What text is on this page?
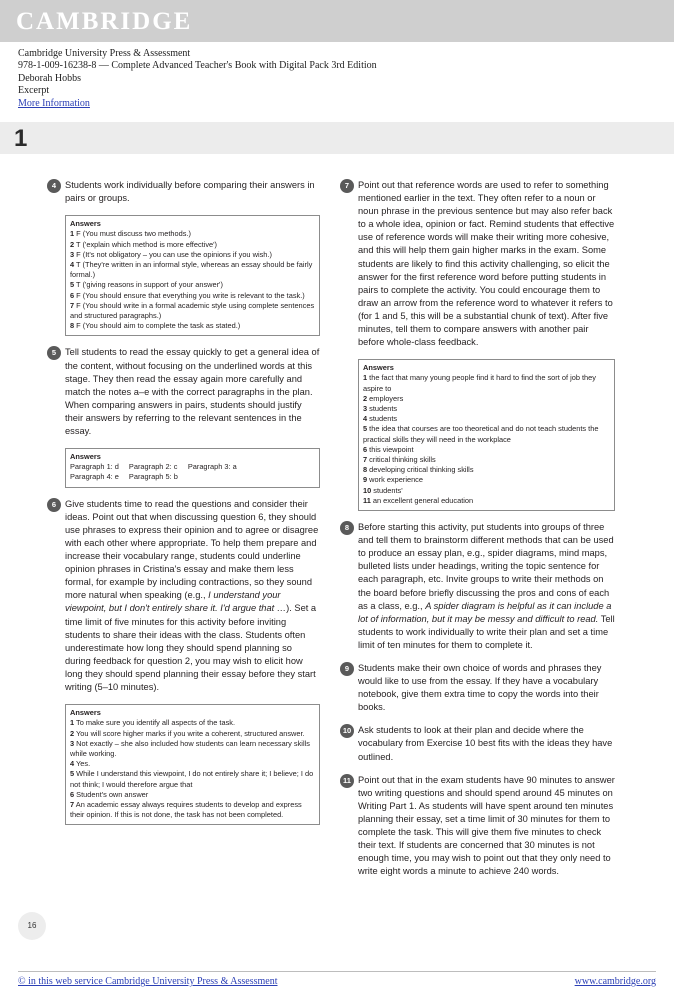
CAMBRIDGE
Cambridge University Press & Assessment
978-1-009-16238-8 — Complete Advanced Teacher's Book with Digital Pack 3rd Edition
Deborah Hobbs
Excerpt
More Information
1
4 Students work individually before comparing their answers in pairs or groups.

Answers
1 F (You must discuss two methods.)
2 T ('explain which method is more effective')
3 F (It's not obligatory – you can use the opinions if you wish.)
4 T (They're written in an informal style, whereas an essay should be fairly formal.)
5 T ('giving reasons in support of your answer')
6 F (You should ensure that everything you write is relevant to the task.)
7 F (You should write in a formal academic style using complete sentences and structured paragraphs.)
8 F (You should aim to complete the task as stated.)
5 Tell students to read the essay quickly to get a general idea of the content, without focusing on the underlined words at this stage. They then read the essay again more carefully and match the notes a–e with the correct paragraphs in the plan. When comparing answers in pairs, students should justify their answers by referring to the relevant sentences in the essay.

Answers
Paragraph 1: d Paragraph 2: c Paragraph 3: a
Paragraph 4: e Paragraph 5: b
6 Give students time to read the questions and consider their ideas. Point out that when discussing question 6, they should use phrases to express their opinion and to agree or disagree with each other where appropriate. To help them prepare and increase their vocabulary range, students could underline opinion phrases in Cristina's essay and make them less formal, for example by including contractions, so they sound more natural when speaking (e.g., I understand your viewpoint, but I don't entirely share it. I'd argue that …). Set a time limit of five minutes for this activity before inviting students to share their ideas with the class. Students often underestimate how long they should spend planning so during feedback for question 2, you may wish to elicit how long they should spend planning their essay before they start writing (5–10 minutes).

Answers
1 To make sure you identify all aspects of the task.
2 You will score higher marks if you write a coherent, structured answer.
3 Not exactly – she also included how students can learn necessary skills while working.
4 Yes.
5 While I understand this viewpoint, I do not entirely share it; I believe; I do not think; I would therefore argue that
6 Student's own answer
7 An academic essay always requires students to develop and express their opinion. If this is not done, the task has not been completed.
7 Point out that reference words are used to refer to something mentioned earlier in the text. They often refer to a noun or noun phrase in the previous sentence but may also refer back to a whole idea, opinion or fact. Remind students that effective use of reference words will make their writing more cohesive, and this will help them gain higher marks in the exam. Some students are likely to find this activity challenging, so elicit the answer for the first reference word before putting students in pairs to complete the activity. You could encourage them to draw an arrow from the reference word to whatever it refers to (for 1 and 5, this will be a substantial chunk of text). After five minutes, tell them to compare answers with another pair before whole-class feedback.

Answers
1 the fact that many young people find it hard to find the sort of job they aspire to
2 employers
3 students
4 students
5 the idea that courses are too theoretical and do not teach students the practical skills they will need in the workplace
6 this viewpoint
7 critical thinking skills
8 developing critical thinking skills
9 work experience
10 students'
11 an excellent general education
8 Before starting this activity, put students into groups of three and tell them to brainstorm different methods that can be used to produce an essay plan, e.g., spider diagrams, mind maps, bulleted lists under headings, writing the topic sentence for each paragraph, etc. Invite groups to write their methods on the board before briefly discussing the pros and cons of each as a class, e.g., A spider diagram is helpful as it can include a lot of information, but it may be messy and difficult to read. Tell students to work individually to write their plan and set a time limit of ten minutes for them to complete it.

9 Students make their own choice of words and phrases they would like to use from the essay. If they have a vocabulary notebook, give them extra time to copy the words into their books.

10 Ask students to look at their plan and decide where the vocabulary from Exercise 10 best fits with the ideas they have outlined.

11 Point out that in the exam students have 90 minutes to answer two writing questions and should spend around 45 minutes on Writing Part 1. As students will have spent around ten minutes planning their essay, set a time limit of 30 minutes for them to complete the task. This will give them five minutes to check their text. If students are concerned that 30 minutes is not enough time, you may wish to point out that they only need to write eight words a minute to achieve 240 words.

16
© in this web service Cambridge University Press & Assessment	www.cambridge.org
